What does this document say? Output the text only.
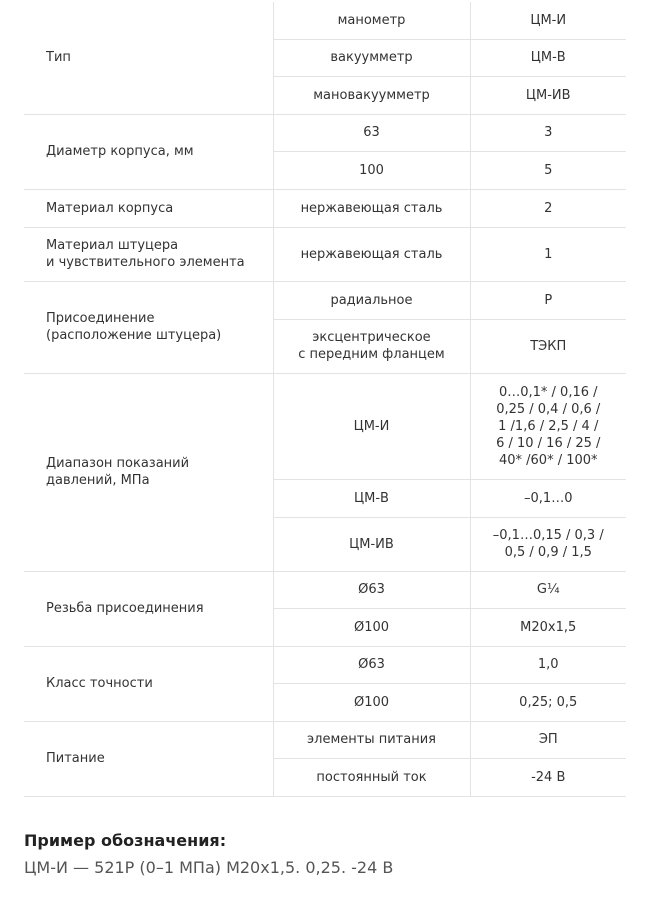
Тип	манометр	ЦМ-И
	вакуумметр	ЦМ-В
	мановакуумметр	ЦМ-ИВ
Диаметр корпуса, мм	63	3
	100	5
Материал корпуса	нержавеющая сталь	2
Материал штуцера
и чувствительного элемента	нержавеющая сталь	1
Присоединение
(расположение штуцера)	радиальное	Р
	эксцентрическое
с передним фланцем	ТЭКП
Диапазон показаний
давлений, МПа	ЦМ-И	0…0,1* / 0,16 /
0,25 / 0,4 / 0,6 /
1 /1,6 / 2,5 / 4 /
6 / 10 / 16 / 25 /
40* /60* / 100*
	ЦМ-В	–0,1…0
	ЦМ-ИВ	–0,1…0,15 / 0,3 /
0,5 / 0,9 / 1,5
Резьба присоединения	Ø63	G¼
	Ø100	М20х1,5
Класс точности	Ø63	1,0
	Ø100	0,25; 0,5
Питание	элементы питания	ЭП
	постоянный ток	-24 В
Пример обозначения:
ЦМ-И — 521Р (0–1 МПа) М20х1,5. 0,25. -24 В
